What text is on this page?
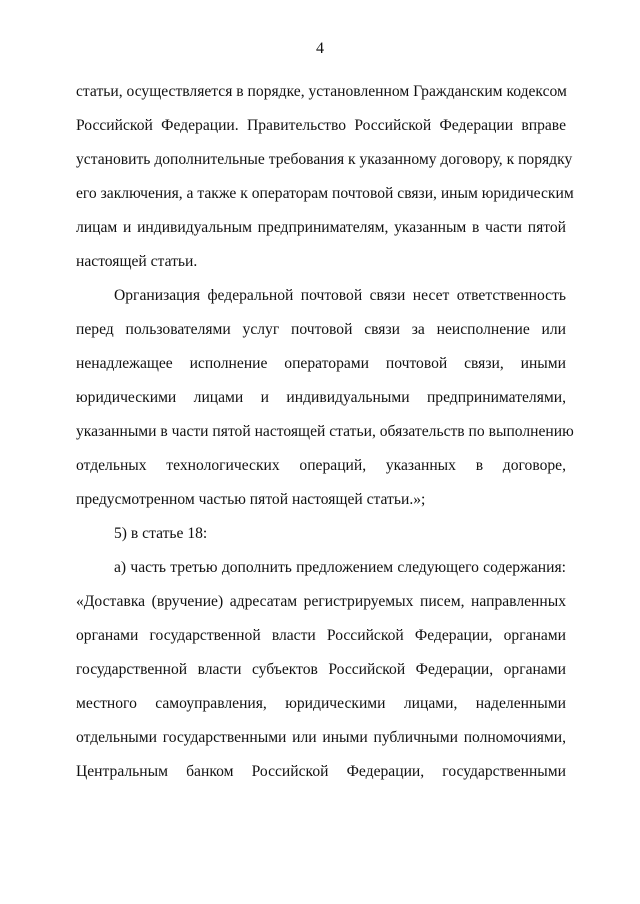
4
статьи, осуществляется в порядке, установленном Гражданским кодексом
Российской Федерации. Правительство Российской Федерации вправе
установить дополнительные требования к указанному договору, к порядку
его заключения, а также к операторам почтовой связи, иным юридическим
лицам и индивидуальным предпринимателям, указанным в части пятой
настоящей статьи.
Организация федеральной почтовой связи несет ответственность
перед пользователями услуг почтовой связи за неисполнение или
ненадлежащее исполнение операторами почтовой связи, иными
юридическими лицами и индивидуальными предпринимателями,
указанными в части пятой настоящей статьи, обязательств по выполнению
отдельных технологических операций, указанных в договоре,
предусмотренном частью пятой настоящей статьи.»;
5) в статье 18:
а) часть третью дополнить предложением следующего содержания:
«Доставка (вручение) адресатам регистрируемых писем, направленных
органами государственной власти Российской Федерации, органами
государственной власти субъектов Российской Федерации, органами
местного самоуправления, юридическими лицами, наделенными
отдельными государственными или иными публичными полномочиями,
Центральным банком Российской Федерации, государственными
